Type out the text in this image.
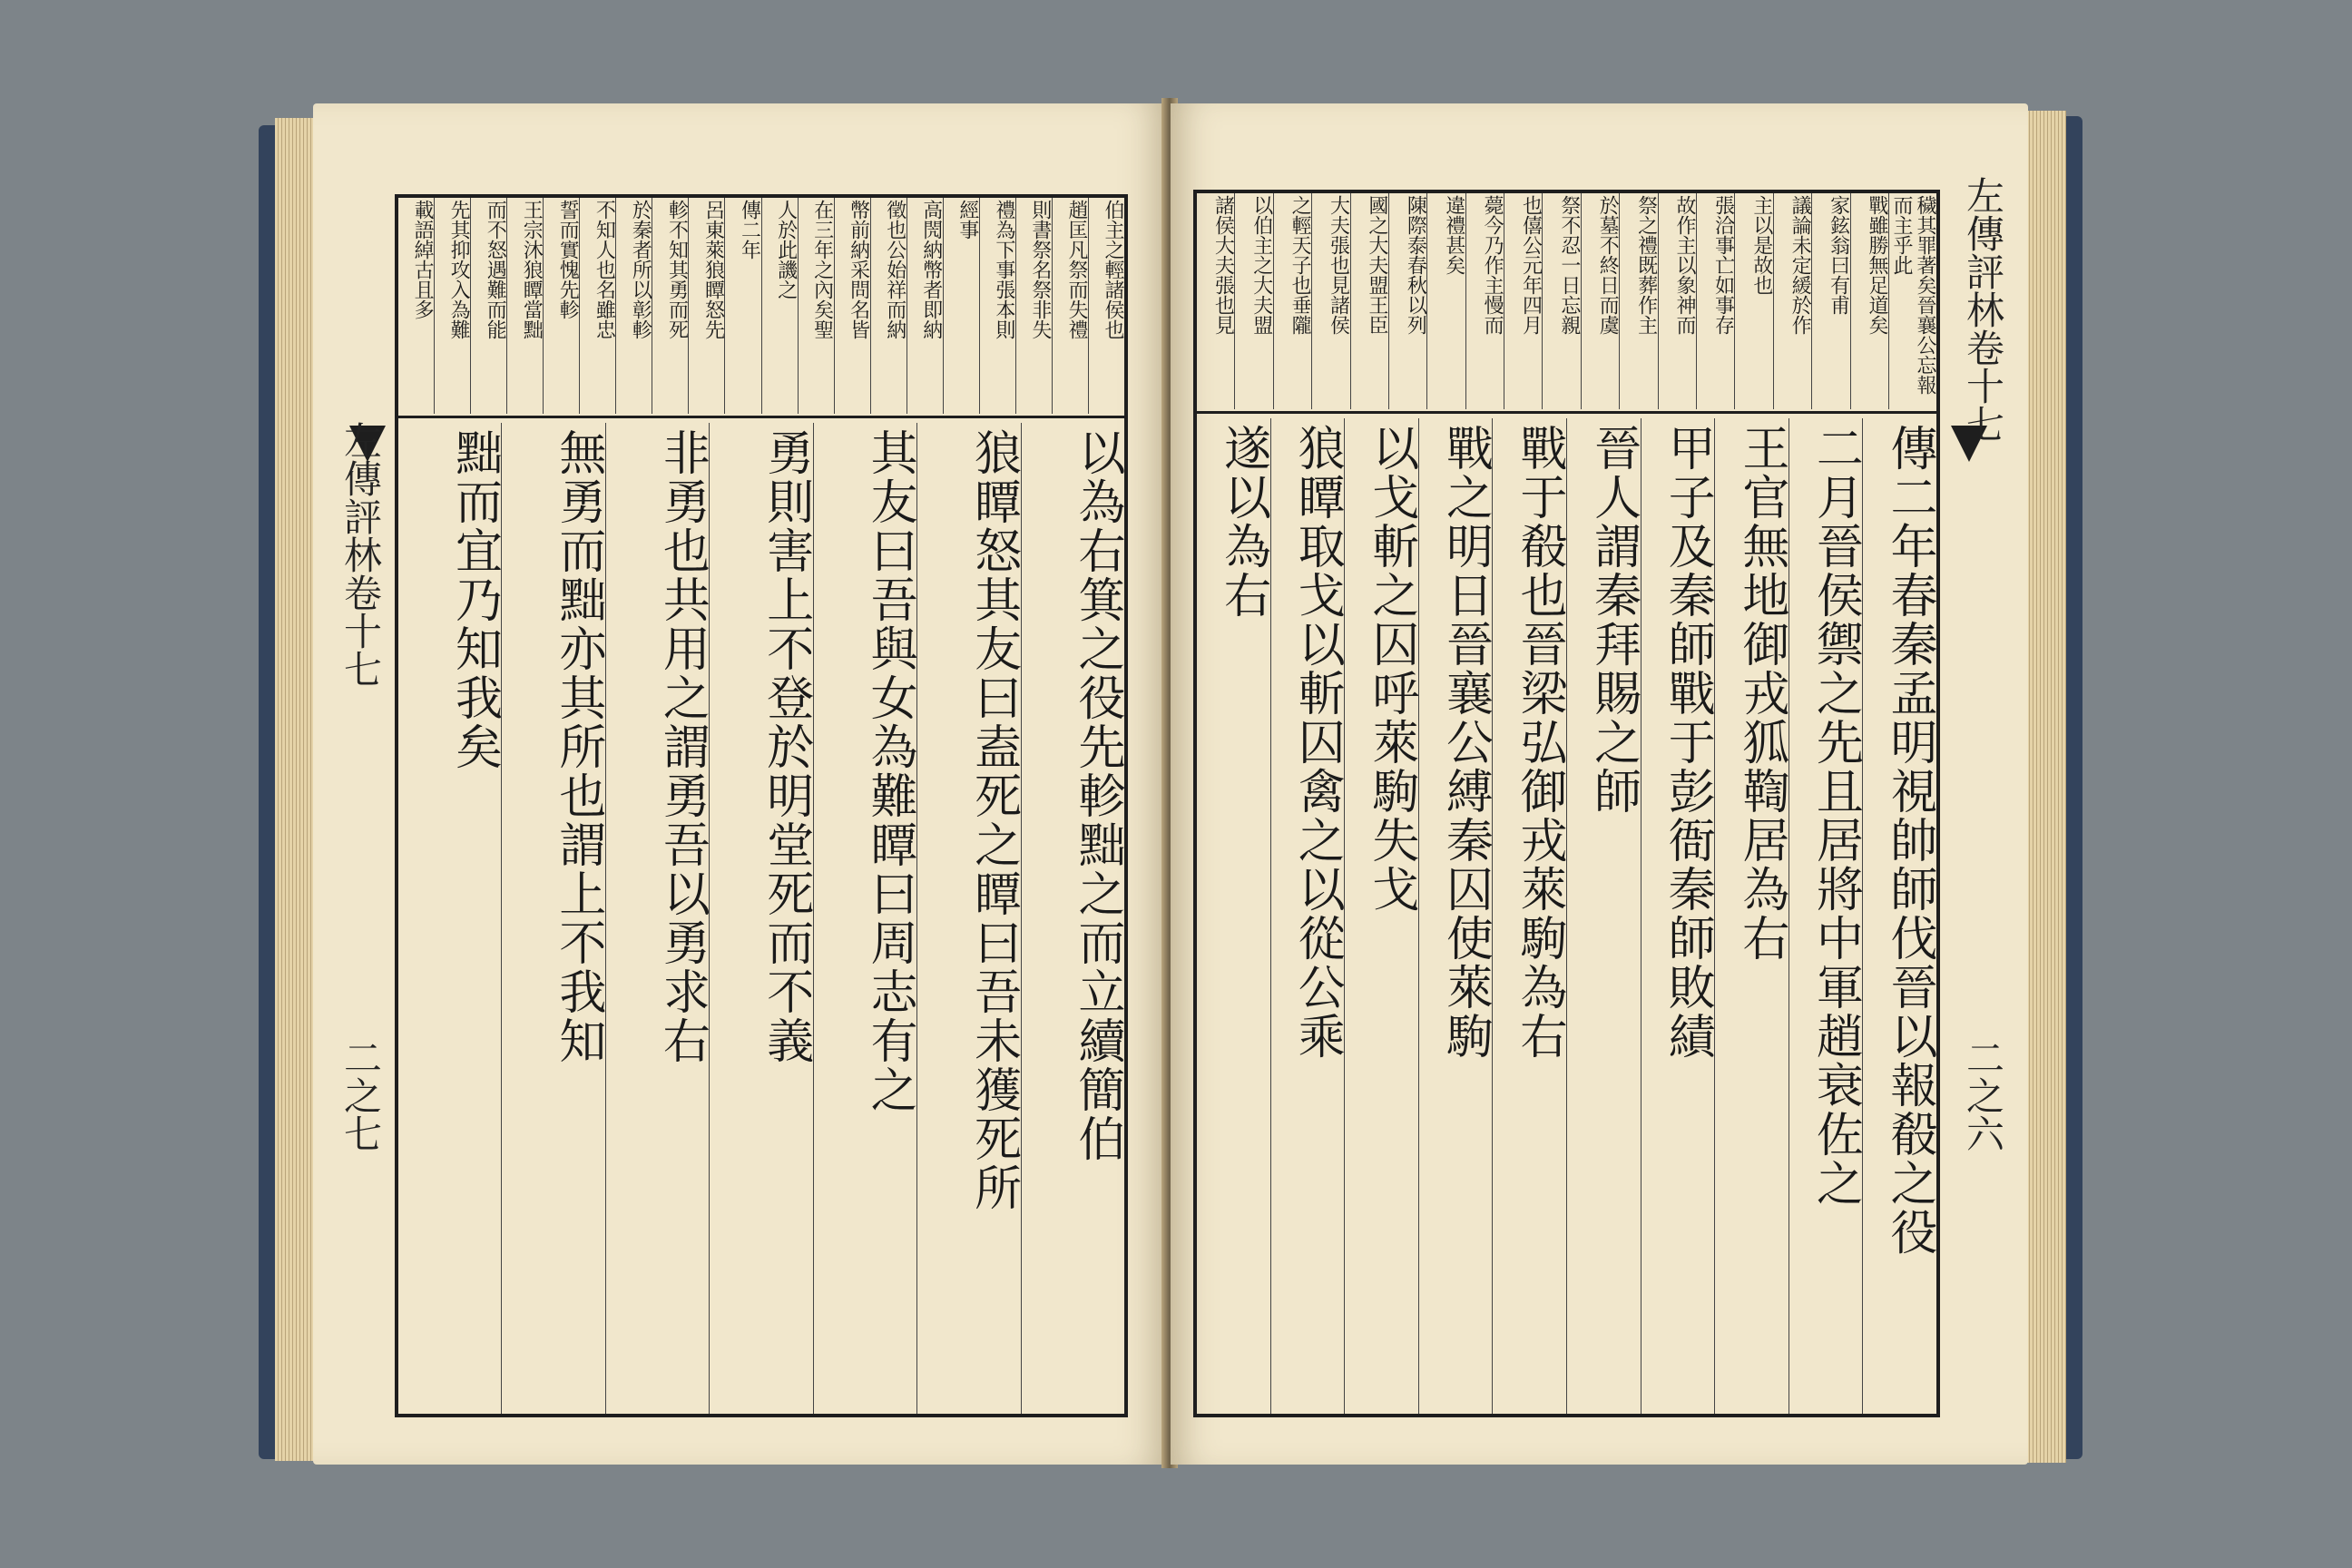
左傳評林卷十七
二之七
伯主之輕諸侯也
趙匡凡祭而失禮
則書祭名祭非失
禮為下事張本則
經事
高閌納幣者即納
徵也公始祥而納
幣前納采問名皆
在三年之內矣聖
人於此譏之
傳二年
呂東萊狼瞫怒先
軫不知其勇而死
於秦者所以彰軫
不知人也名雖忠
誓而實愧先軫
王宗沐狼瞫當黜
而不怒遇難而能
先其抑攻入為難
載語綽古且多
以為右箕之役先軫黜之而立續簡伯
狼瞫怒其友曰盍死之瞫曰吾未獲死所
其友曰吾與女為難瞫曰周志有之
勇則害上不登於明堂死而不義
非勇也共用之謂勇吾以勇求右
無勇而黜亦其所也謂上不我知
黜而宜乃知我矣
左傳評林卷十七
二之六
穢其罪著矣晉襄公忘報而主乎此
戰雖勝無足道矣
家鉉翁曰有甫
議論未定緩於作
主以是故也
張洽事亡如事存
故作主以象神而
祭之禮既葬作主
於墓不終日而虞
祭不忍一日忘親
也僖公元年四月
薨今乃作主慢而
違禮甚矣
陳際泰春秋以列
國之大夫盟王臣
大夫張也見諸侯
之輕天子也垂隴
以伯主之大夫盟
諸侯大夫張也見
傳二年春秦孟明視帥師伐晉以報殽之役
二月晉侯禦之先且居將中軍趙衰佐之
王官無地御戎狐鞫居為右
甲子及秦師戰于彭衙秦師敗績
晉人謂秦拜賜之師
戰于殽也晉梁弘御戎萊駒為右
戰之明日晉襄公縛秦囚使萊駒
以戈斬之囚呼萊駒失戈
狼瞫取戈以斬囚禽之以從公乘
遂以為右
